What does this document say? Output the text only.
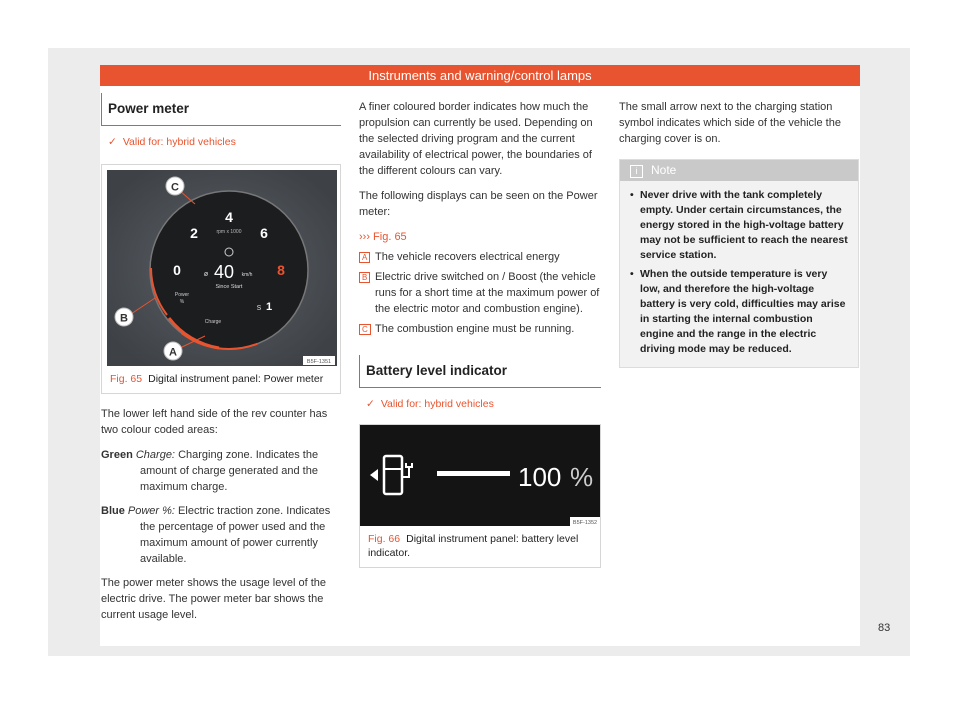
Instruments and warning/control lamps
Power meter
✓ Valid for: hybrid vehicles
4
2	6
0	8
rpm x 1000
ø 40 km/h
Since Start
Power
%
Charge
s 1
C
B
A
B5F-1351
Fig. 65 Digital instrument panel: Power meter

The lower left hand side of the rev counter has two colour coded areas:

Green Charge: Charging zone. Indicates the amount of charge generated and the maximum charge.
Blue Power %: Electric traction zone. Indicates the percentage of power used and the maximum amount of power currently available.

The power meter shows the usage level of the electric drive. The power meter bar shows the current usage level.

A finer coloured border indicates how much the propulsion can currently be used. Depending on the selected driving program and the current availability of electrical power, the boundaries of the different colours can vary.

The following displays can be seen on the Power meter:

››› Fig. 65
A The vehicle recovers electrical energy
B Electric drive switched on / Boost (the vehicle runs for a short time at the maximum power of the electric motor and combustion engine).
C The combustion engine must be running.
Battery level indicator
✓ Valid for: hybrid vehicles
100 %
B5F-1352
Fig. 66 Digital instrument panel: battery level indicator.

The small arrow next to the charging station symbol indicates which side of the vehicle the charging cover is on.

i Note
• Never drive with the tank completely empty. Under certain circumstances, the energy stored in the high-voltage battery may not be sufficient to reach the nearest service station.
• When the outside temperature is very low, and therefore the high-voltage battery is very cold, difficulties may arise in starting the internal combustion engine and the range in the electric driving mode may be reduced.
83
